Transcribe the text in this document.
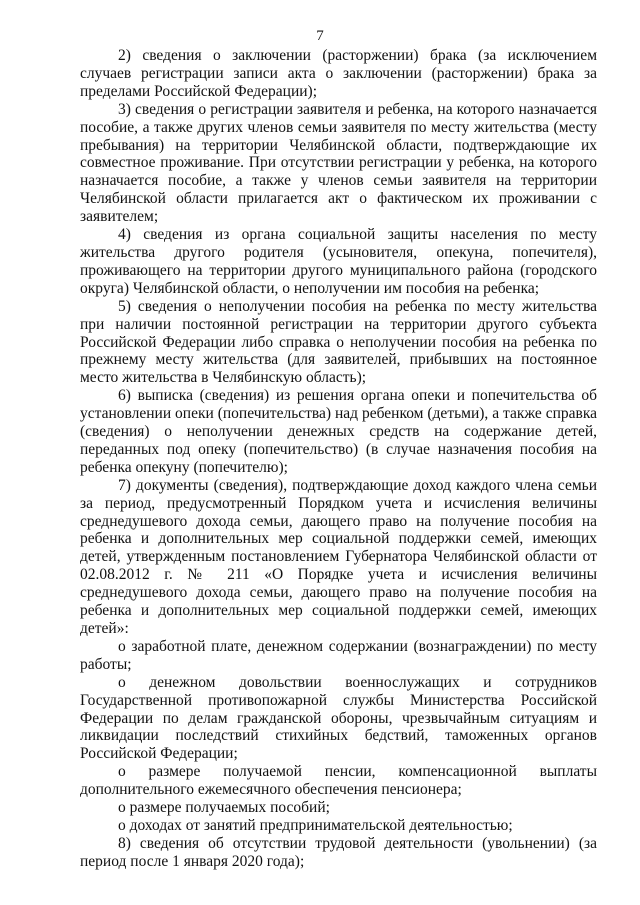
7

2) сведения о заключении (расторжении) брака (за исключением случаев регистрации записи акта о заключении (расторжении) брака за пределами Российской Федерации);

3) сведения о регистрации заявителя и ребенка, на которого назначается пособие, а также других членов семьи заявителя по месту жительства (месту пребывания) на территории Челябинской области, подтверждающие их совместное проживание. При отсутствии регистрации у ребенка, на которого назначается пособие, а также у членов семьи заявителя на территории Челябинской области прилагается акт о фактическом их проживании с заявителем;

4) сведения из органа социальной защиты населения по месту жительства другого родителя (усыновителя, опекуна, попечителя), проживающего на территории другого муниципального района (городского округа) Челябинской области, о неполучении им пособия на ребенка;

5) сведения о неполучении пособия на ребенка по месту жительства при наличии постоянной регистрации на территории другого субъекта Российской Федерации либо справка о неполучении пособия на ребенка по прежнему месту жительства (для заявителей, прибывших на постоянное место жительства в Челябинскую область);

6) выписка (сведения) из решения органа опеки и попечительства об установлении опеки (попечительства) над ребенком (детьми), а также справка (сведения) о неполучении денежных средств на содержание детей, переданных под опеку (попечительство) (в случае назначения пособия на ребенка опекуну (попечителю);

7) документы (сведения), подтверждающие доход каждого члена семьи за период, предусмотренный Порядком учета и исчисления величины среднедушевого дохода семьи, дающего право на получение пособия на ребенка и дополнительных мер социальной поддержки семей, имеющих детей, утвержденным постановлением Губернатора Челябинской области от 02.08.2012 г. № 211 «О Порядке учета и исчисления величины среднедушевого дохода семьи, дающего право на получение пособия на ребенка и дополнительных мер социальной поддержки семей, имеющих детей»:

о заработной плате, денежном содержании (вознаграждении) по месту работы;

о денежном довольствии военнослужащих и сотрудников Государственной противопожарной службы Министерства Российской Федерации по делам гражданской обороны, чрезвычайным ситуациям и ликвидации последствий стихийных бедствий, таможенных органов Российской Федерации;

о размере получаемой пенсии, компенсационной выплаты дополнительного ежемесячного обеспечения пенсионера;

о размере получаемых пособий;

о доходах от занятий предпринимательской деятельностью;

8) сведения об отсутствии трудовой деятельности (увольнении) (за период после 1 января 2020 года);
